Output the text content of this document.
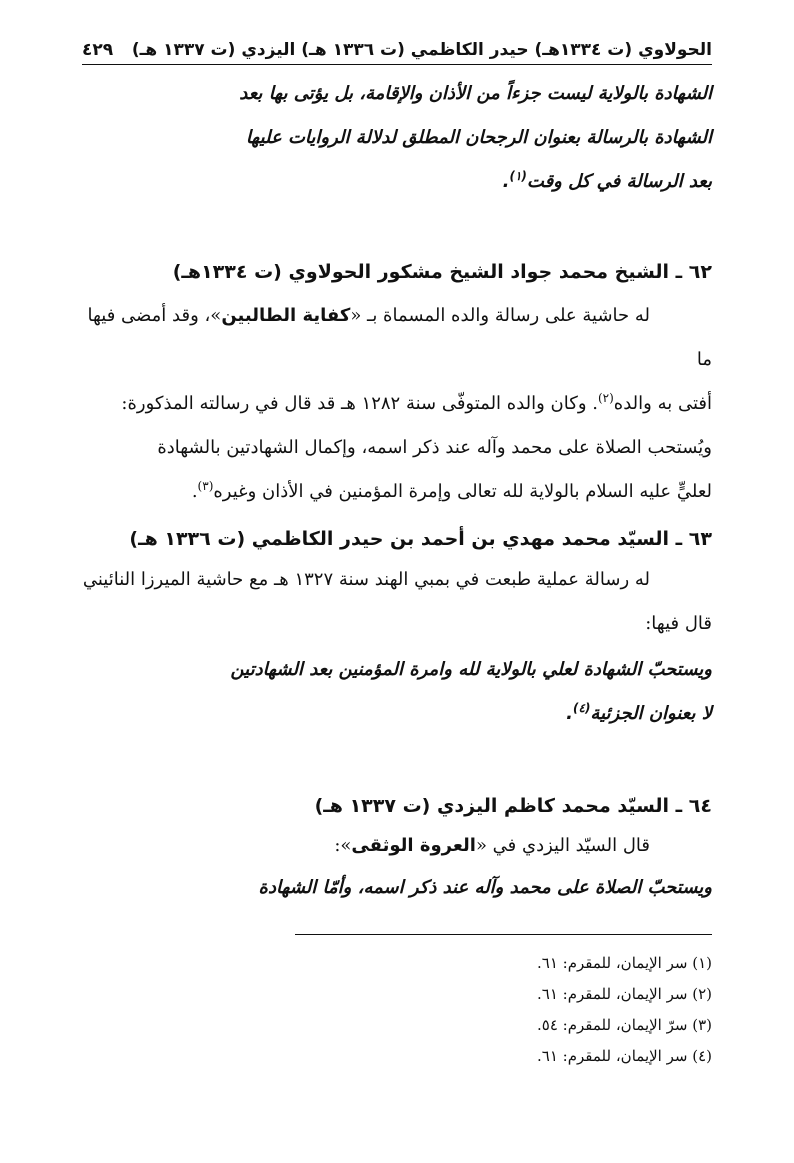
الحولاوي (ت ١٣٣٤هـ) حيدر الكاظمي (ت ١٣٣٦ هـ) اليزدي (ت ١٣٣٧ هـ)
٤٢٩
الشهادة بالولاية ليست جزءاً من الأذان والإقامة، بل يؤتى بها بعد
الشهادة بالرسالة بعنوان الرجحان المطلق لدلالة الروايات عليها
بعد الرسالة في كل وقت$^{(١)}$.
٦٢ ـ الشيخ محمد جواد الشيخ مشكور الحولاوي (ت ١٣٣٤هـ)
له حاشية على رسالة والده المسماة بـ «كفاية الطالبين»، وقد أمضى فيها ما
أفتى به والده$^{(٢)}$. وكان والده المتوفّى سنة ١٢٨٢ هـ قد قال في رسالته المذكورة:
ويُستحب الصلاة على محمد وآله عند ذكر اسمه، وإكمال الشهادتين بالشهادة
لعليٍّ عليه السلام بالولاية لله تعالى وإمرة المؤمنين في الأذان وغيره$^{(٣)}$.
٦٣ ـ السيّد محمد مهدي بن أحمد بن حيدر الكاظمي (ت ١٣٣٦ هـ)
له رسالة عملية طبعت في بمبي الهند سنة ١٣٢٧ هـ مع حاشية الميرزا النائيني
قال فيها:
ويستحبّ الشهادة لعلي بالولاية لله وامرة المؤمنين بعد الشهادتين
لا بعنوان الجزئية$^{(٤)}$.
٦٤ ـ السيّد محمد كاظم اليزدي (ت ١٣٣٧ هـ)
قال السيّد اليزدي في «العروة الوثقى»:
ويستحبّ الصلاة على محمد وآله عند ذكر اسمه، وأمّا الشهادة
(١) سر الإيمان، للمقرم: ٦١.
(٢) سر الإيمان، للمقرم: ٦١.
(٣) سرّ الإيمان، للمقرم: ٥٤.
(٤) سر الإيمان، للمقرم: ٦١.
